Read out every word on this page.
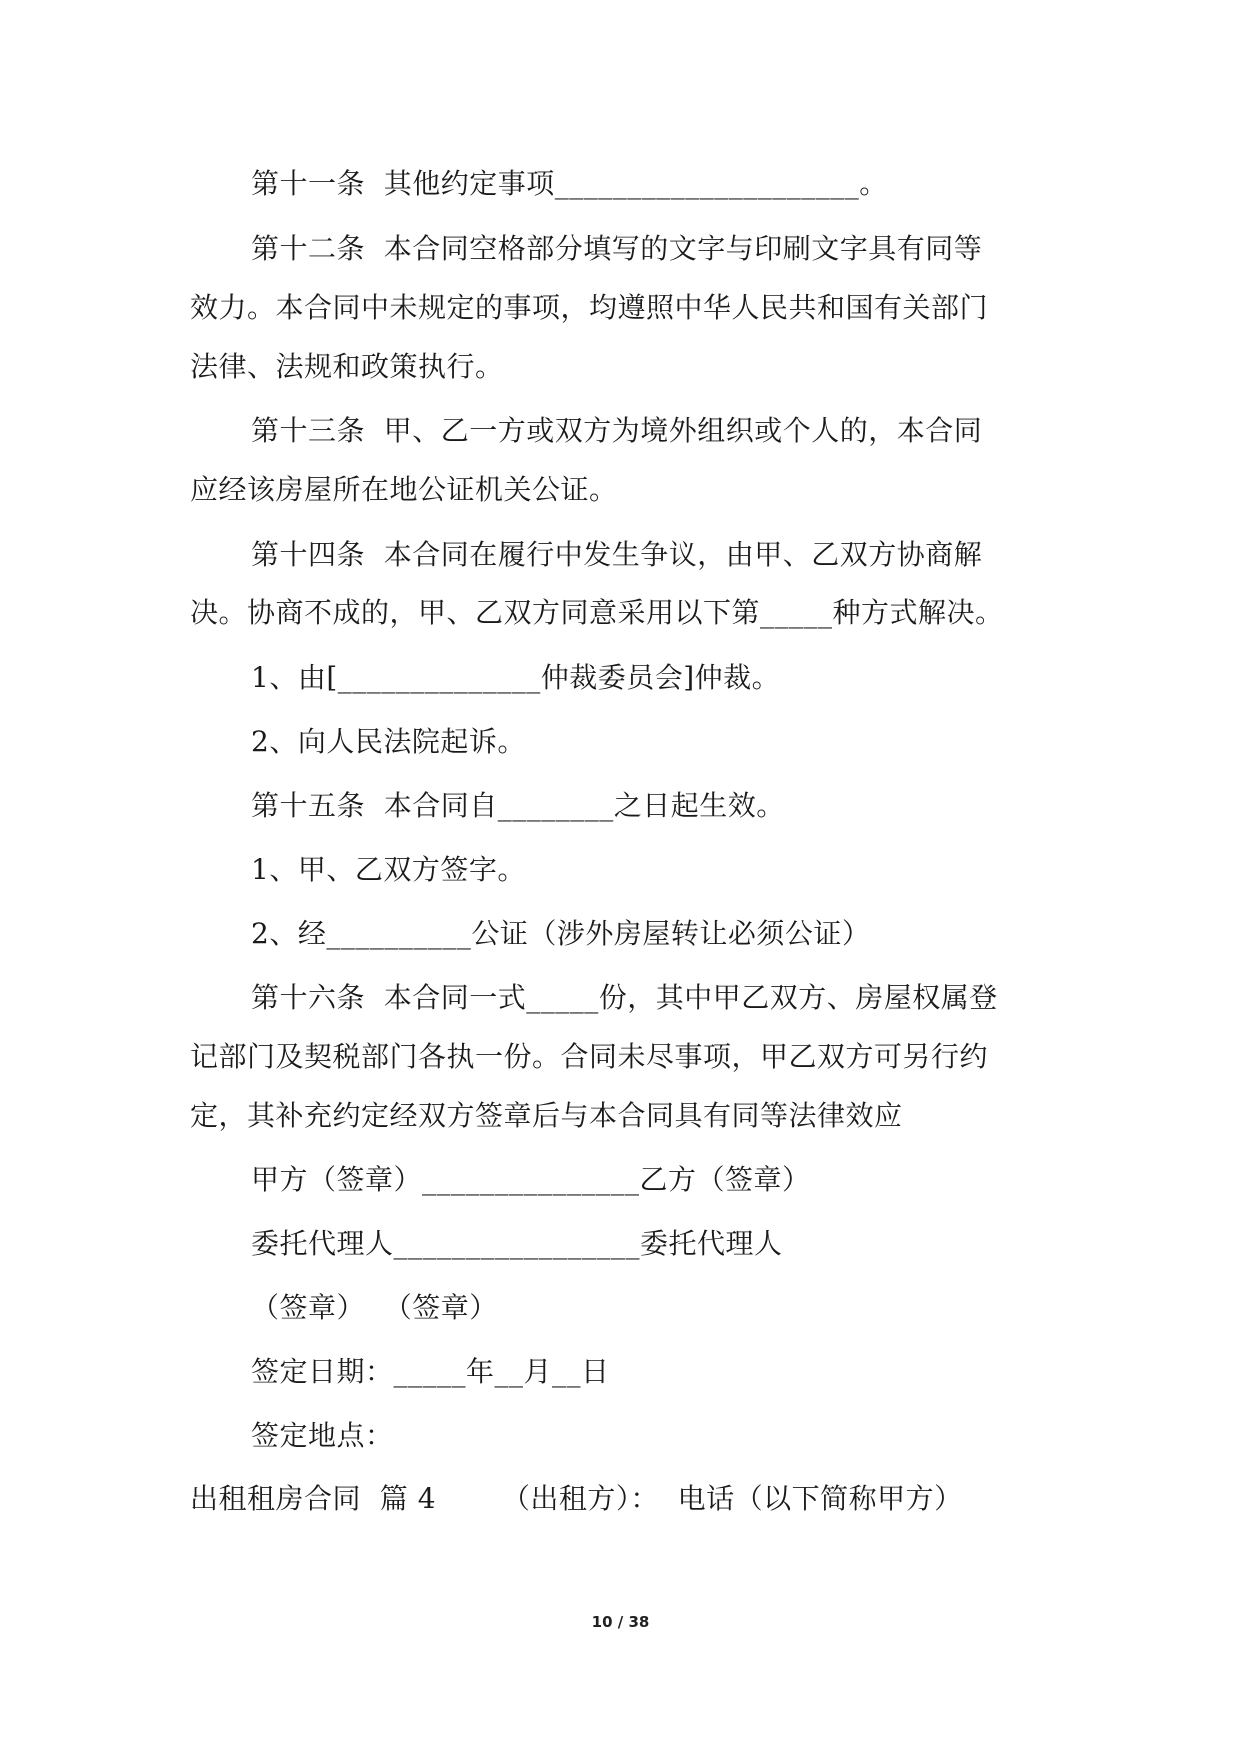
第十一条  其他约定事项_____________________。
第十二条  本合同空格部分填写的文字与印刷文字具有同等
效力。本合同中未规定的事项，均遵照中华人民共和国有关部门
法律、法规和政策执行。
第十三条  甲、乙一方或双方为境外组织或个人的，本合同
应经该房屋所在地公证机关公证。
第十四条  本合同在履行中发生争议，由甲、乙双方协商解
决。协商不成的，甲、乙双方同意采用以下第_____种方式解决。
1、由[______________仲裁委员会]仲裁。
2、向人民法院起诉。
第十五条  本合同自________之日起生效。
1、甲、乙双方签字。
2、经__________公证（涉外房屋转让必须公证）
第十六条  本合同一式_____份，其中甲乙双方、房屋权属登
记部门及契税部门各执一份。合同未尽事项，甲乙双方可另行约
定，其补充约定经双方签章后与本合同具有同等法律效应
甲方（签章）_______________乙方（签章）
委托代理人_________________委托代理人
（签章）  （签章）
签定日期：_____年__月__日
签定地点：
出租租房合同  篇 4       （出租方）：  电话（以下简称甲方）
10 / 38
